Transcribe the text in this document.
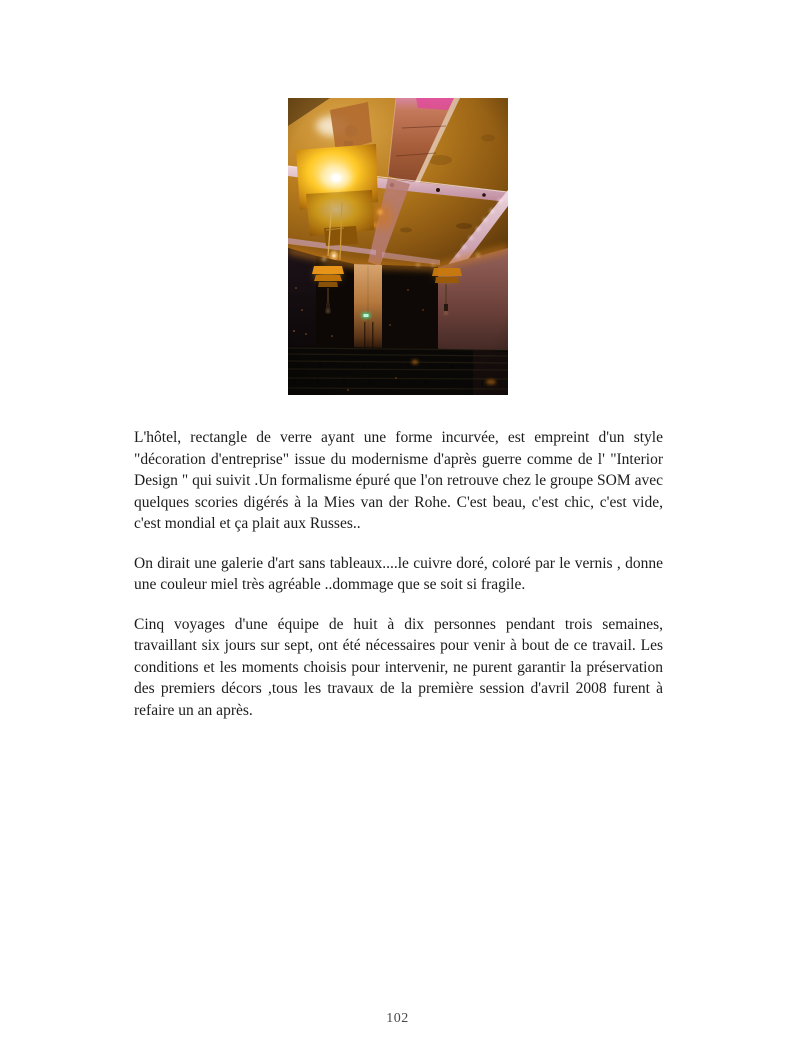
L'hôtel, rectangle de verre ayant une forme incurvée, est empreint d'un style "décoration d'entreprise" issue du modernisme d'après guerre comme de l' "Interior Design " qui suivit .Un formalisme épuré que l'on retrouve chez le groupe SOM avec quelques scories digérés à la Mies van der Rohe. C'est beau, c'est chic, c'est vide, c'est mondial et ça plait aux Russes..

On dirait une galerie d'art sans tableaux....le cuivre doré, coloré par le vernis , donne une couleur miel très agréable ..dommage que se soit si fragile.

Cinq voyages d'une équipe de huit à dix personnes pendant trois semaines, travaillant six jours sur sept, ont été nécessaires pour venir à bout de ce travail. Les conditions et les moments choisis pour intervenir, ne purent garantir la préservation des premiers décors ,tous les travaux de la première session d'avril 2008 furent à refaire un an après.

102
